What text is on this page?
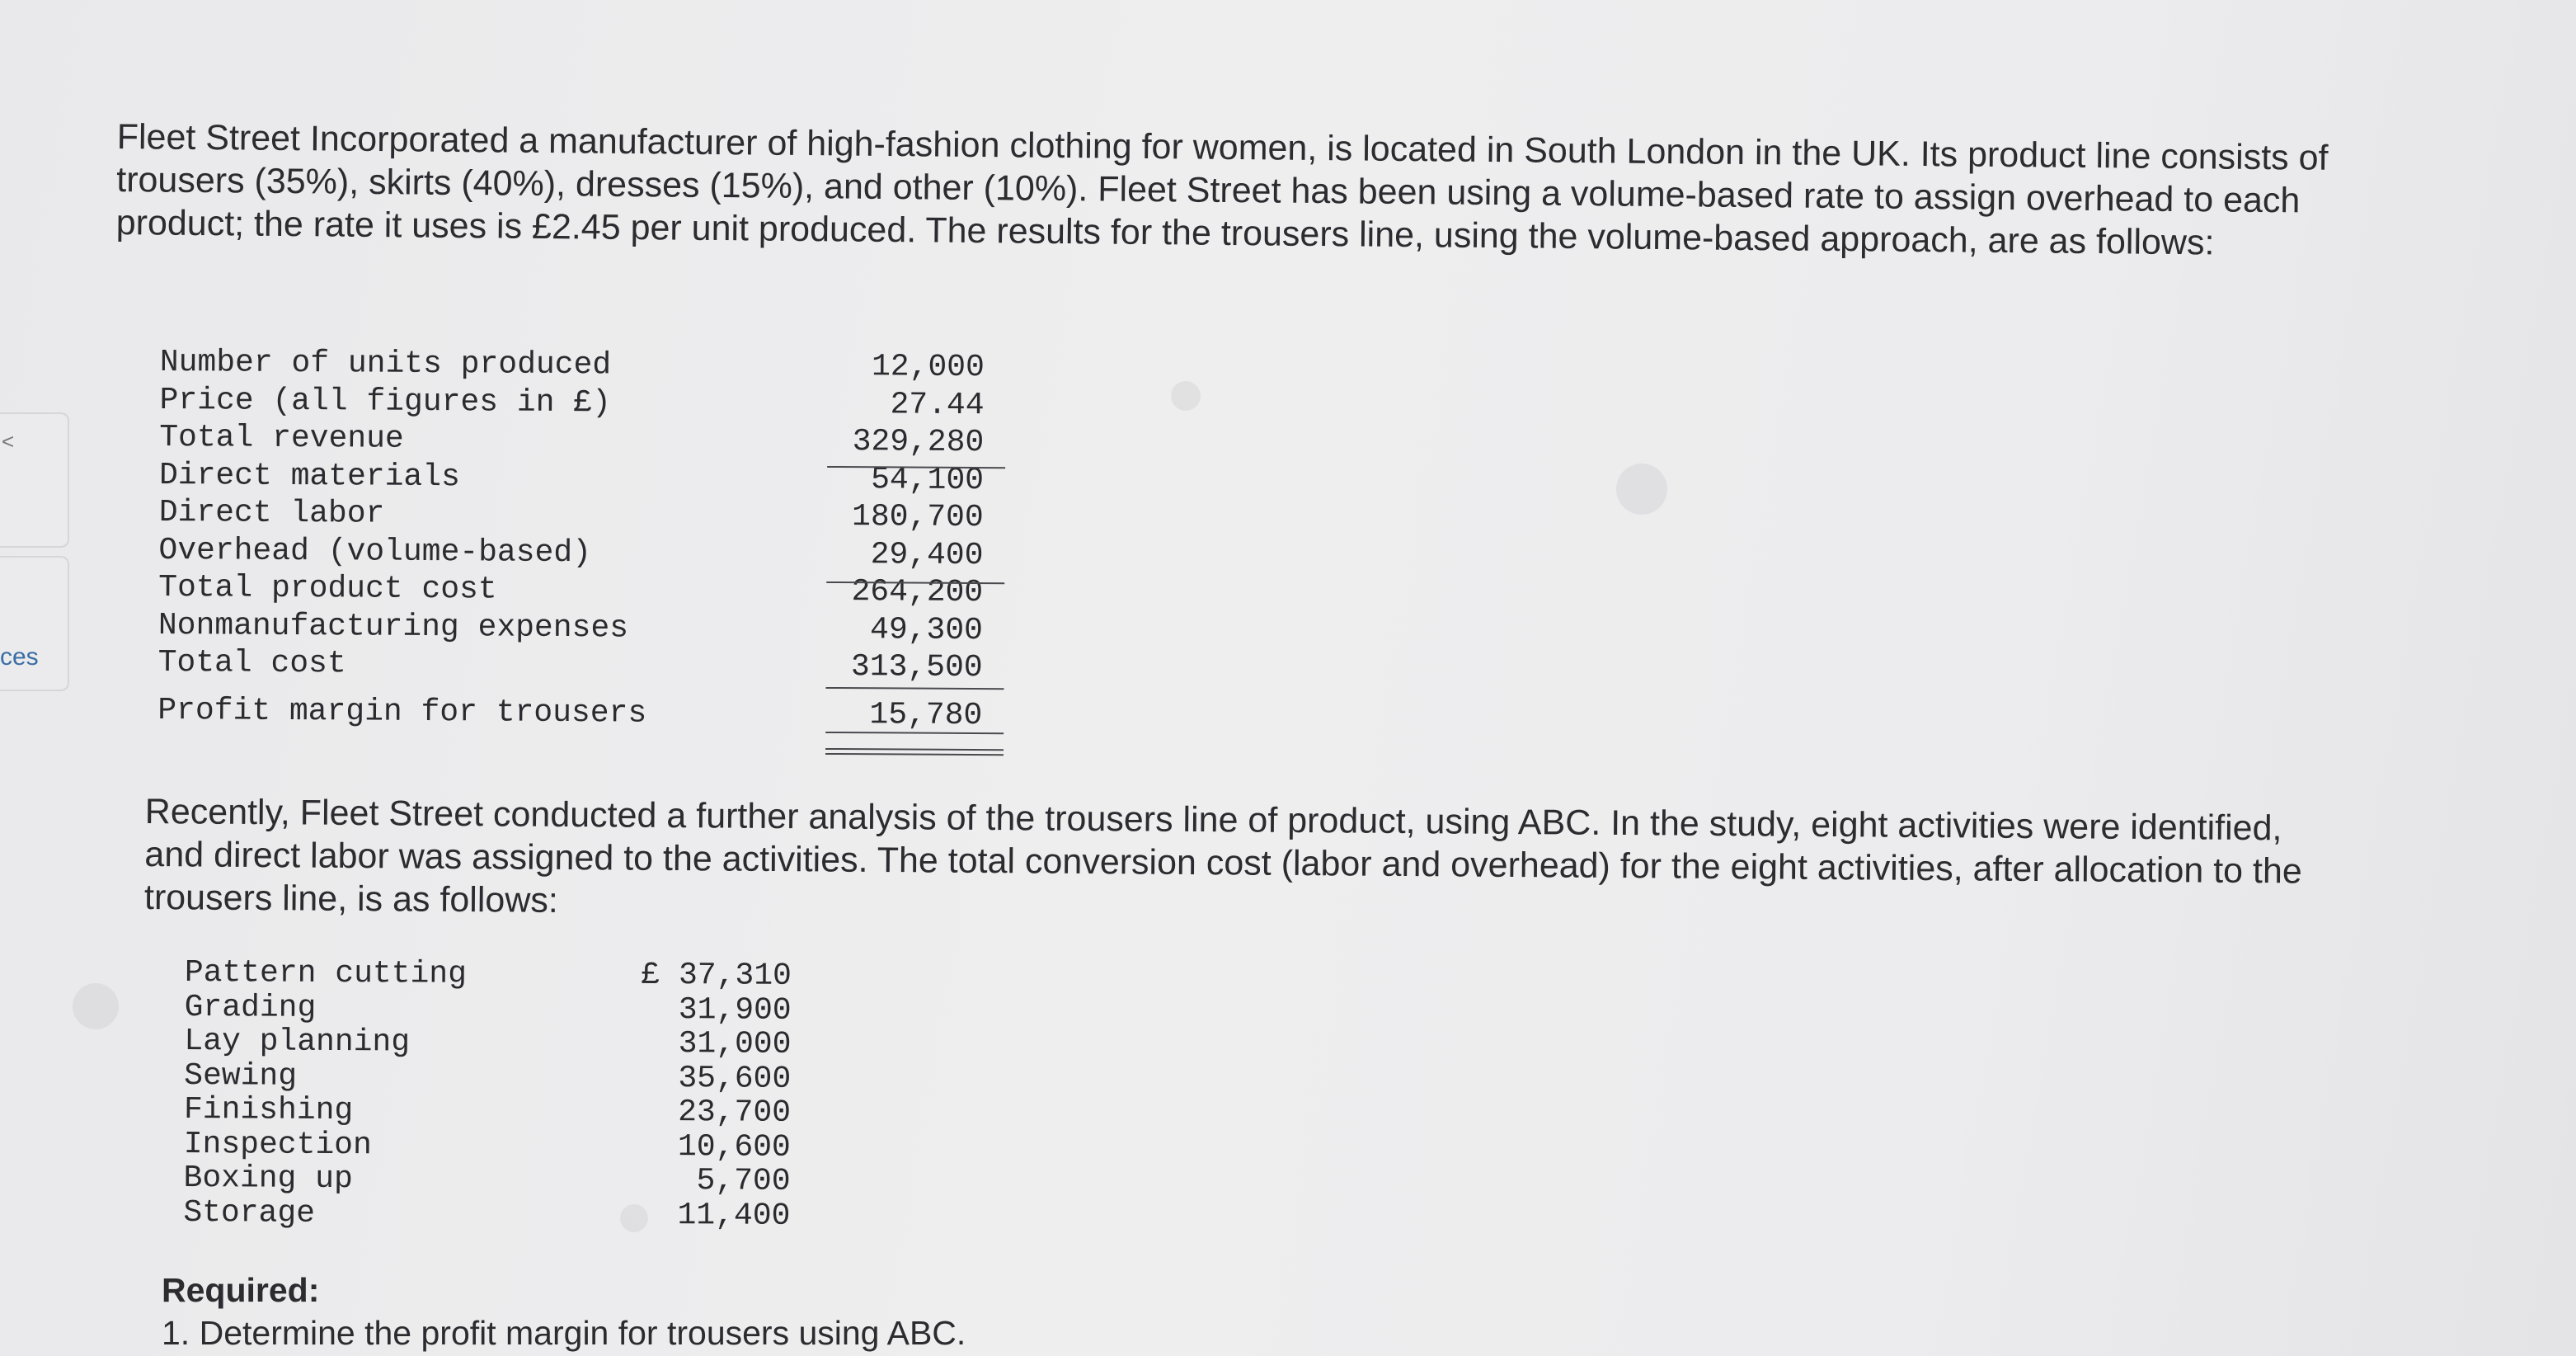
<
ces

Fleet Street Incorporated a manufacturer of high-fashion clothing for women, is located in South London in the UK. Its product line consists of trousers (35%), skirts (40%), dresses (15%), and other (10%). Fleet Street has been using a volume-based rate to assign overhead to each product; the rate it uses is £2.45 per unit produced. The results for the trousers line, using the volume-based approach, are as follows:

Number of units produced	12,000
Price (all figures in £)	27.44
Total revenue	329,280
Direct materials	54,100
Direct labor	180,700
Overhead (volume-based)	29,400
Total product cost	264,200
Nonmanufacturing expenses	49,300
Total cost	313,500
Profit margin for trousers	15,780

Recently, Fleet Street conducted a further analysis of the trousers line of product, using ABC. In the study, eight activities were identified, and direct labor was assigned to the activities. The total conversion cost (labor and overhead) for the eight activities, after allocation to the trousers line, is as follows:

Pattern cutting	£ 37,310
Grading	31,900
Lay planning	31,000
Sewing	35,600
Finishing	23,700
Inspection	10,600
Boxing up	5,700
Storage	11,400
Required:
1. Determine the profit margin for trousers using ABC.
